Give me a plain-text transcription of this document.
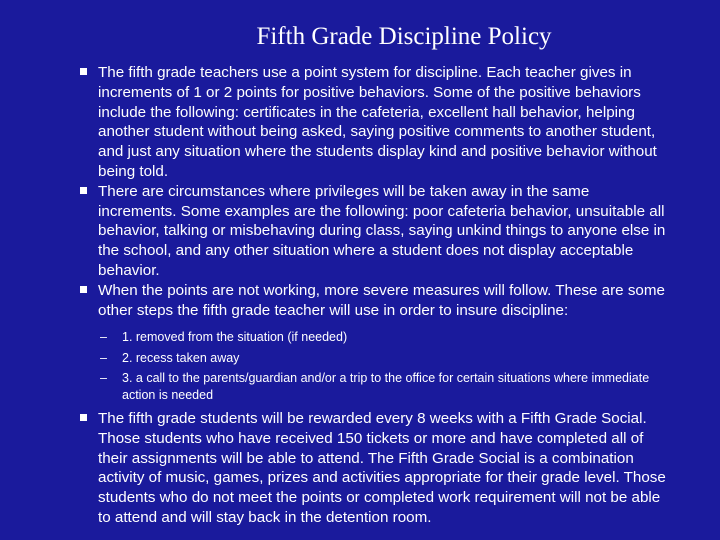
Fifth Grade Discipline Policy
The fifth grade teachers use a point system for discipline. Each teacher gives in increments of 1 or 2 points for positive behaviors. Some of the positive behaviors include the following: certificates in the cafeteria, excellent hall behavior, helping another student without being asked, saying positive comments to another student, and just any situation where the students display kind and positive behavior without being told.
There are circumstances where privileges will be taken away in the same increments. Some examples are the following: poor cafeteria behavior, unsuitable all behavior, talking or misbehaving during class, saying unkind things to anyone else in the school, and any other situation where a student does not display acceptable behavior.
When the points are not working, more severe measures will follow. These are some other steps the fifth grade teacher will use in order to insure discipline:
– 1. removed from the situation (if needed)
– 2. recess taken away
– 3. a call to the parents/guardian and/or a trip to the office for certain situations where immediate action is needed
The fifth grade students will be rewarded every 8 weeks with a Fifth Grade Social. Those students who have received 150 tickets or more and have completed all of their assignments will be able to attend. The Fifth Grade Social is a combination activity of music, games, prizes and activities appropriate for their grade level. Those students who do not meet the points or completed work requirement will not be able to attend and will stay back in the detention room.
